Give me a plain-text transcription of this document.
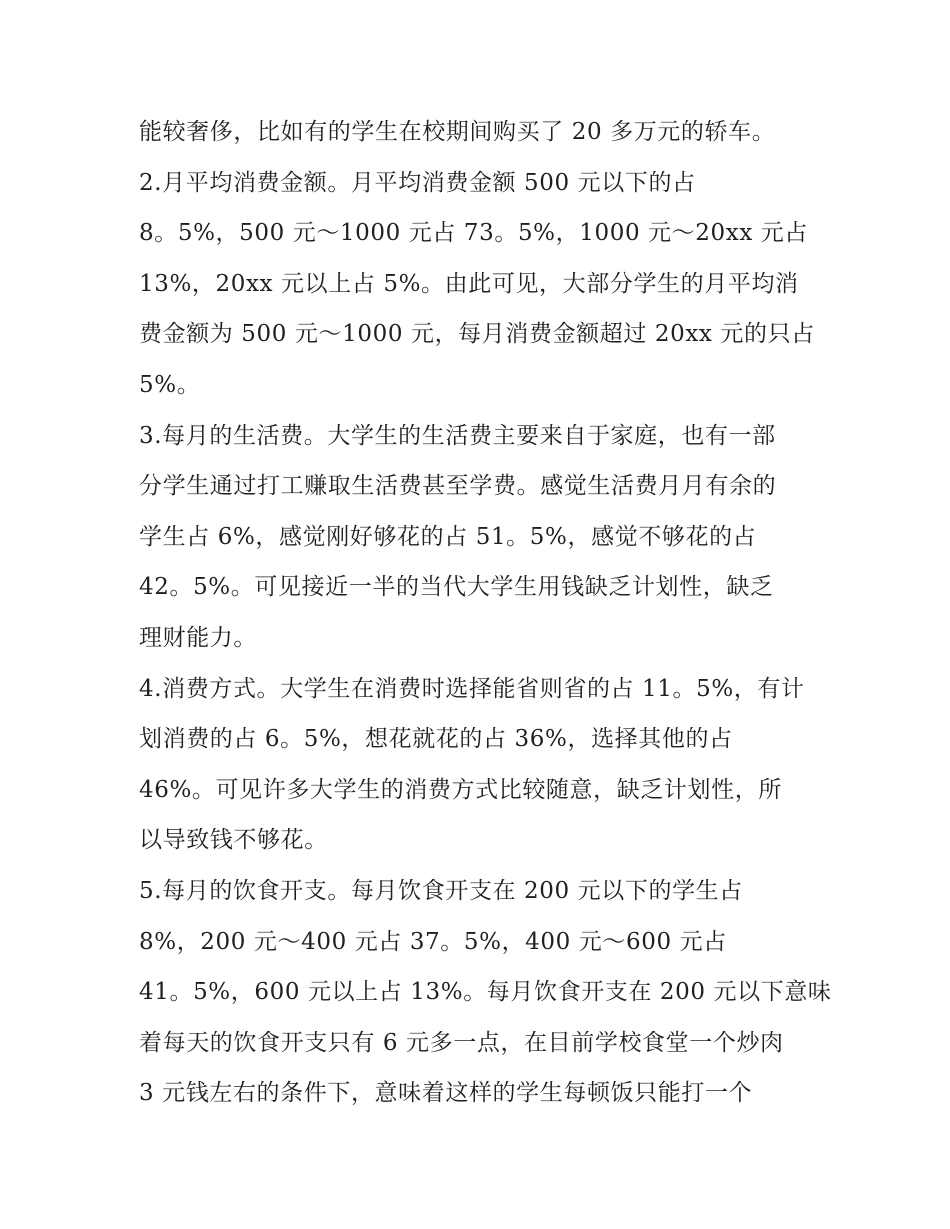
能较奢侈，比如有的学生在校期间购买了 20 多万元的轿车。
2.月平均消费金额。月平均消费金额 500 元以下的占
8。5%，500 元～1000 元占 73。5%，1000 元～20xx 元占
13%，20xx 元以上占 5%。由此可见，大部分学生的月平均消
费金额为 500 元～1000 元，每月消费金额超过 20xx 元的只占
5%。
3.每月的生活费。大学生的生活费主要来自于家庭，也有一部
分学生通过打工赚取生活费甚至学费。感觉生活费月月有余的
学生占 6%，感觉刚好够花的占 51。5%，感觉不够花的占
42。5%。可见接近一半的当代大学生用钱缺乏计划性，缺乏
理财能力。
4.消费方式。大学生在消费时选择能省则省的占 11。5%，有计
划消费的占 6。5%，想花就花的占 36%，选择其他的占
46%。可见许多大学生的消费方式比较随意，缺乏计划性，所
以导致钱不够花。
5.每月的饮食开支。每月饮食开支在 200 元以下的学生占
8%，200 元～400 元占 37。5%，400 元～600 元占
41。5%，600 元以上占 13%。每月饮食开支在 200 元以下意味
着每天的饮食开支只有 6 元多一点，在目前学校食堂一个炒肉
3 元钱左右的条件下，意味着这样的学生每顿饭只能打一个
